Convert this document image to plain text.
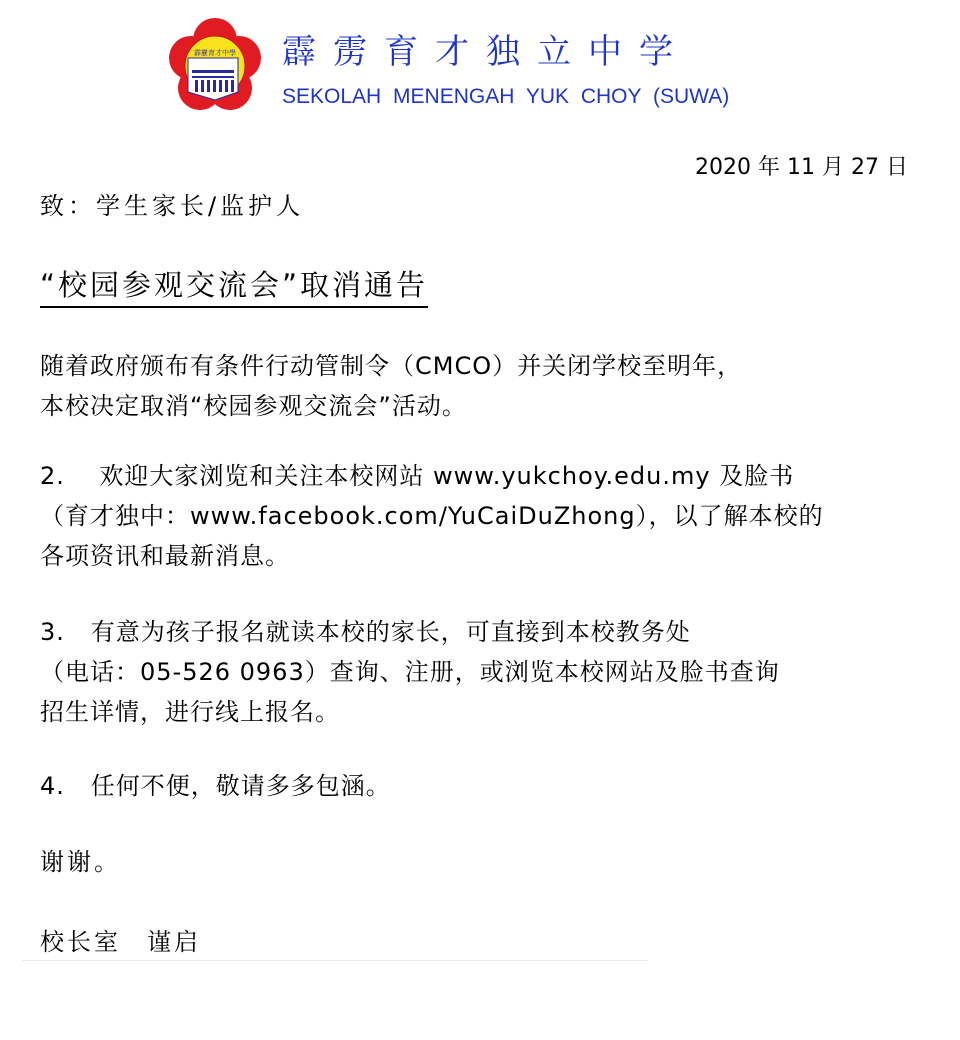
霹靂育才中學 霹雳育才独立中学
SEKOLAH MENENGAH YUK CHOY (SUWA)
2020 年 11 月 27 日
致：学生家长/监护人
“校园参观交流会”取消通告
随着政府颁布有条件行动管制令（CMCO）并关闭学校至明年，
本校决定取消“校园参观交流会”活动。
2.    欢迎大家浏览和关注本校网站 www.yukchoy.edu.my 及脸书
（育才独中：www.facebook.com/YuCaiDuZhong），以了解本校的
各项资讯和最新消息。
3.   有意为孩子报名就读本校的家长，可直接到本校教务处
（电话：05-526 0963）查询、注册，或浏览本校网站及脸书查询
招生详情，进行线上报名。
4.   任何不便，敬请多多包涵。
谢谢。
校长室 谨启
